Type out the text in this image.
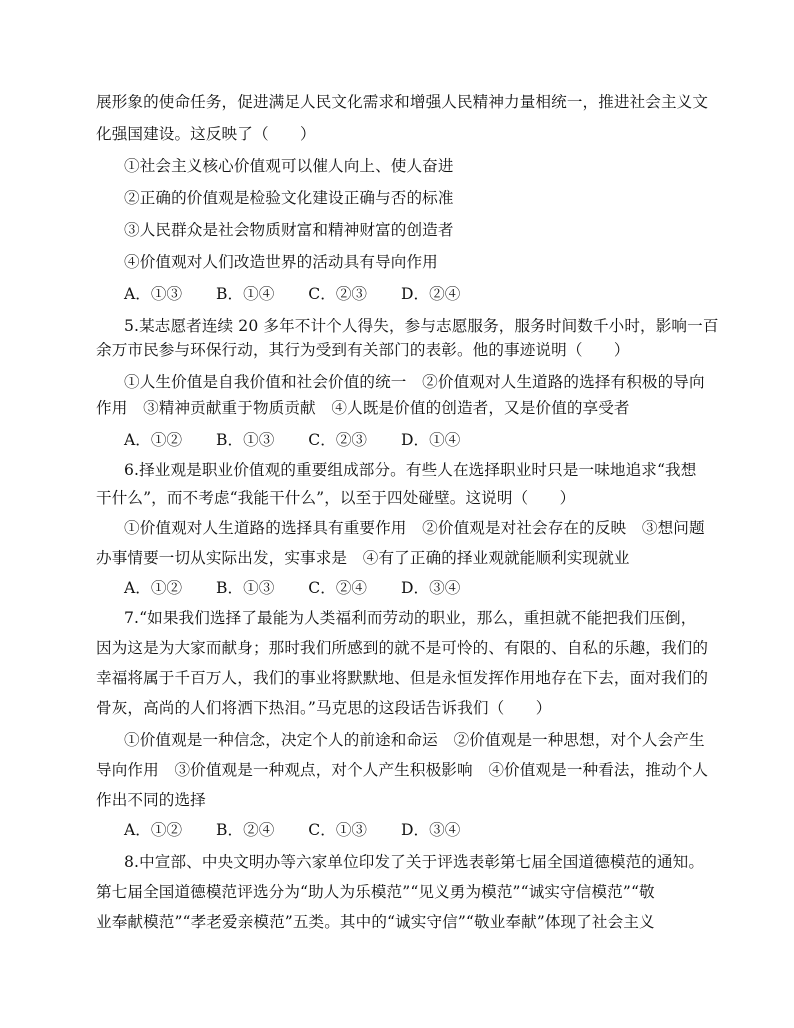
展形象的使命任务，促进满足人民文化需求和增强人民精神力量相统一，推进社会主义文
化强国建设。这反映了（　　）
①社会主义核心价值观可以催人向上、使人奋进
②正确的价值观是检验文化建设正确与否的标准
③人民群众是社会物质财富和精神财富的创造者
④价值观对人们改造世界的活动具有导向作用
A．①③ B．①④ C．②③ D．②④
5.某志愿者连续 20 多年不计个人得失，参与志愿服务，服务时间数千小时，影响一百
余万市民参与环保行动，其行为受到有关部门的表彰。他的事迹说明（　　）
①人生价值是自我价值和社会价值的统一　②价值观对人生道路的选择有积极的导向
作用　③精神贡献重于物质贡献　④人既是价值的创造者，又是价值的享受者
A．①② B．①③ C．②③ D．①④
6.择业观是职业价值观的重要组成部分。有些人在选择职业时只是一味地追求“我想
干什么”，而不考虑“我能干什么”，以至于四处碰壁。这说明（　　）
①价值观对人生道路的选择具有重要作用　②价值观是对社会存在的反映　③想问题
办事情要一切从实际出发，实事求是　④有了正确的择业观就能顺利实现就业
A．①② B．①③ C．②④ D．③④
7.“如果我们选择了最能为人类福利而劳动的职业，那么，重担就不能把我们压倒，
因为这是为大家而献身；那时我们所感到的就不是可怜的、有限的、自私的乐趣，我们的
幸福将属于千百万人，我们的事业将默默地、但是永恒发挥作用地存在下去，面对我们的
骨灰，高尚的人们将洒下热泪。”马克思的这段话告诉我们（　　）
①价值观是一种信念，决定个人的前途和命运　②价值观是一种思想，对个人会产生
导向作用　③价值观是一种观点，对个人产生积极影响　④价值观是一种看法，推动个人
作出不同的选择
A．①② B．②④ C．①③ D．③④
8.中宣部、中央文明办等六家单位印发了关于评选表彰第七届全国道德模范的通知。
第七届全国道德模范评选分为“助人为乐模范”“见义勇为模范”“诚实守信模范”“敬
业奉献模范”“孝老爱亲模范”五类。其中的“诚实守信”“敬业奉献”体现了社会主义
